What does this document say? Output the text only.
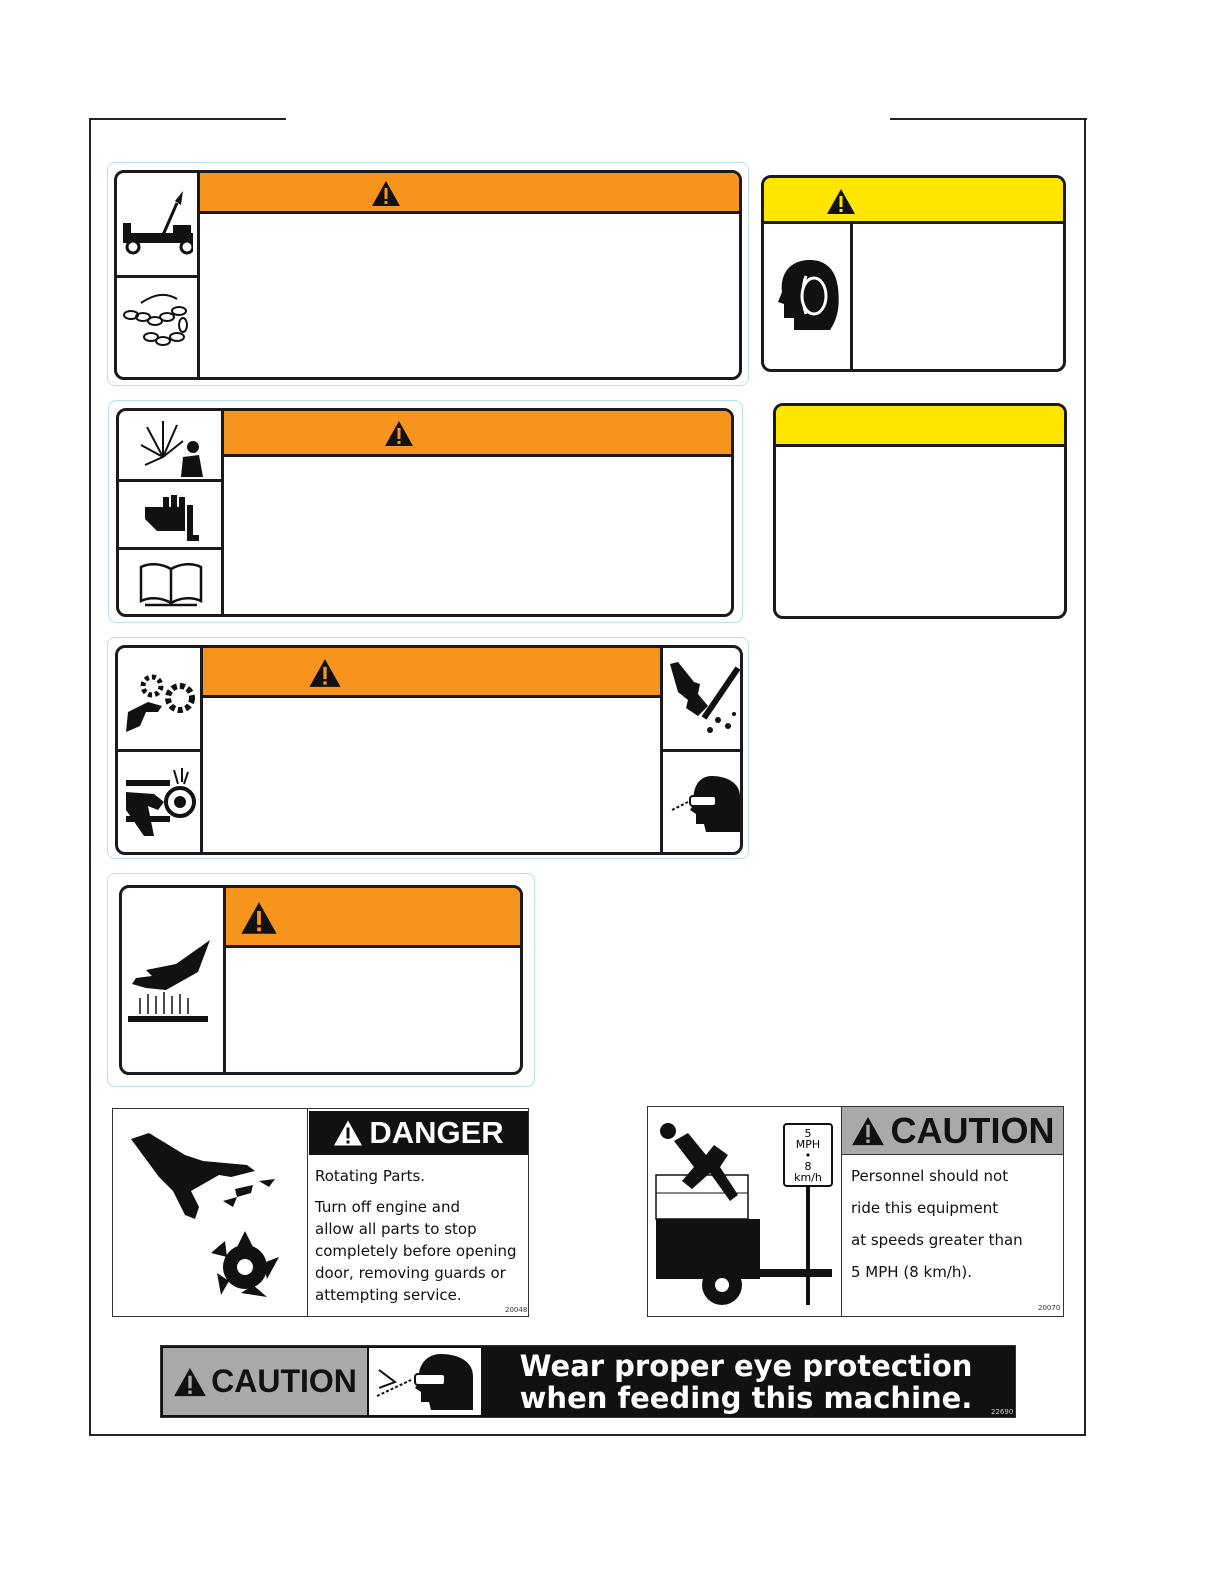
DANGER
Rotating Parts.
Turn off engine and
allow all parts to stop
completely before opening
door, removing guards or
attempting service.
20048
5
MPH
•
8
km/h
CAUTION
Personnel should not
ride this equipment
at speeds greater than
5 MPH (8 km/h).
20070
CAUTION	Wear proper eye protection
when feeding this machine.	22690
